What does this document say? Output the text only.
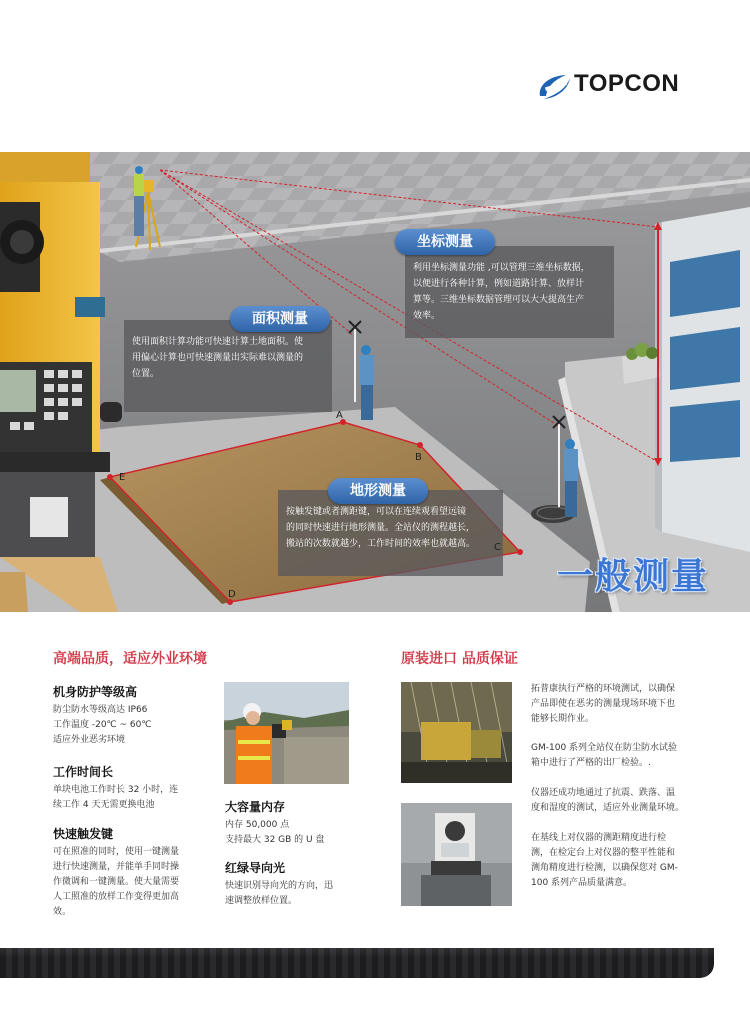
TOPCON
利用坐标测量功能 ,可以管理三维坐标数据，
以便进行各种计算，例如道路计算、放样计
算等。三维坐标数据管理可以大大提高生产
效率。
坐标测量
使用面积计算功能可快速计算土地面积。使
用偏心计算也可快速测量出实际难以测量的
位置。
面积测量
按触发键或者测距键，可以在连续观看望远镜
的同时快速进行地形测量。全站仪的测程越长，
搬站的次数就越少，工作时间的效率也就越高。
地形测量
A
B
C
D
E
一般测量
高端品质，适应外业环境
机身防护等级高

防尘防水等级高达 IP66
工作温度 -20℃ ~ 60℃
适应外业恶劣环境

工作时间长

单块电池工作时长 32 小时，连
续工作 4 天无需更换电池

快速触发键

可在照准的同时，使用一键测量
进行快速测量，并能单手同时操
作微调和一键测量。使大量需要
人工照准的放样工作变得更加高
效。

大容量内存

内存 50,000 点
支持最大 32 GB 的 U 盘

红绿导向光

快速识别导向光的方向，迅
速调整放样位置。

原装进口 品质保证

拓普康执行严格的环境测试，以确保
产品即使在恶劣的测量现场环境下也
能够长期作业。

GM-100 系列全站仪在防尘防水试验
箱中进行了严格的出厂检验。.

仪器还成功地通过了抗震、跌落、温
度和湿度的测试，适应外业测量环境。

在基线上对仪器的测距精度进行检
测，在检定台上对仪器的整平性能和
测角精度进行检测，以确保您对 GM-
100 系列产品质量满意。
